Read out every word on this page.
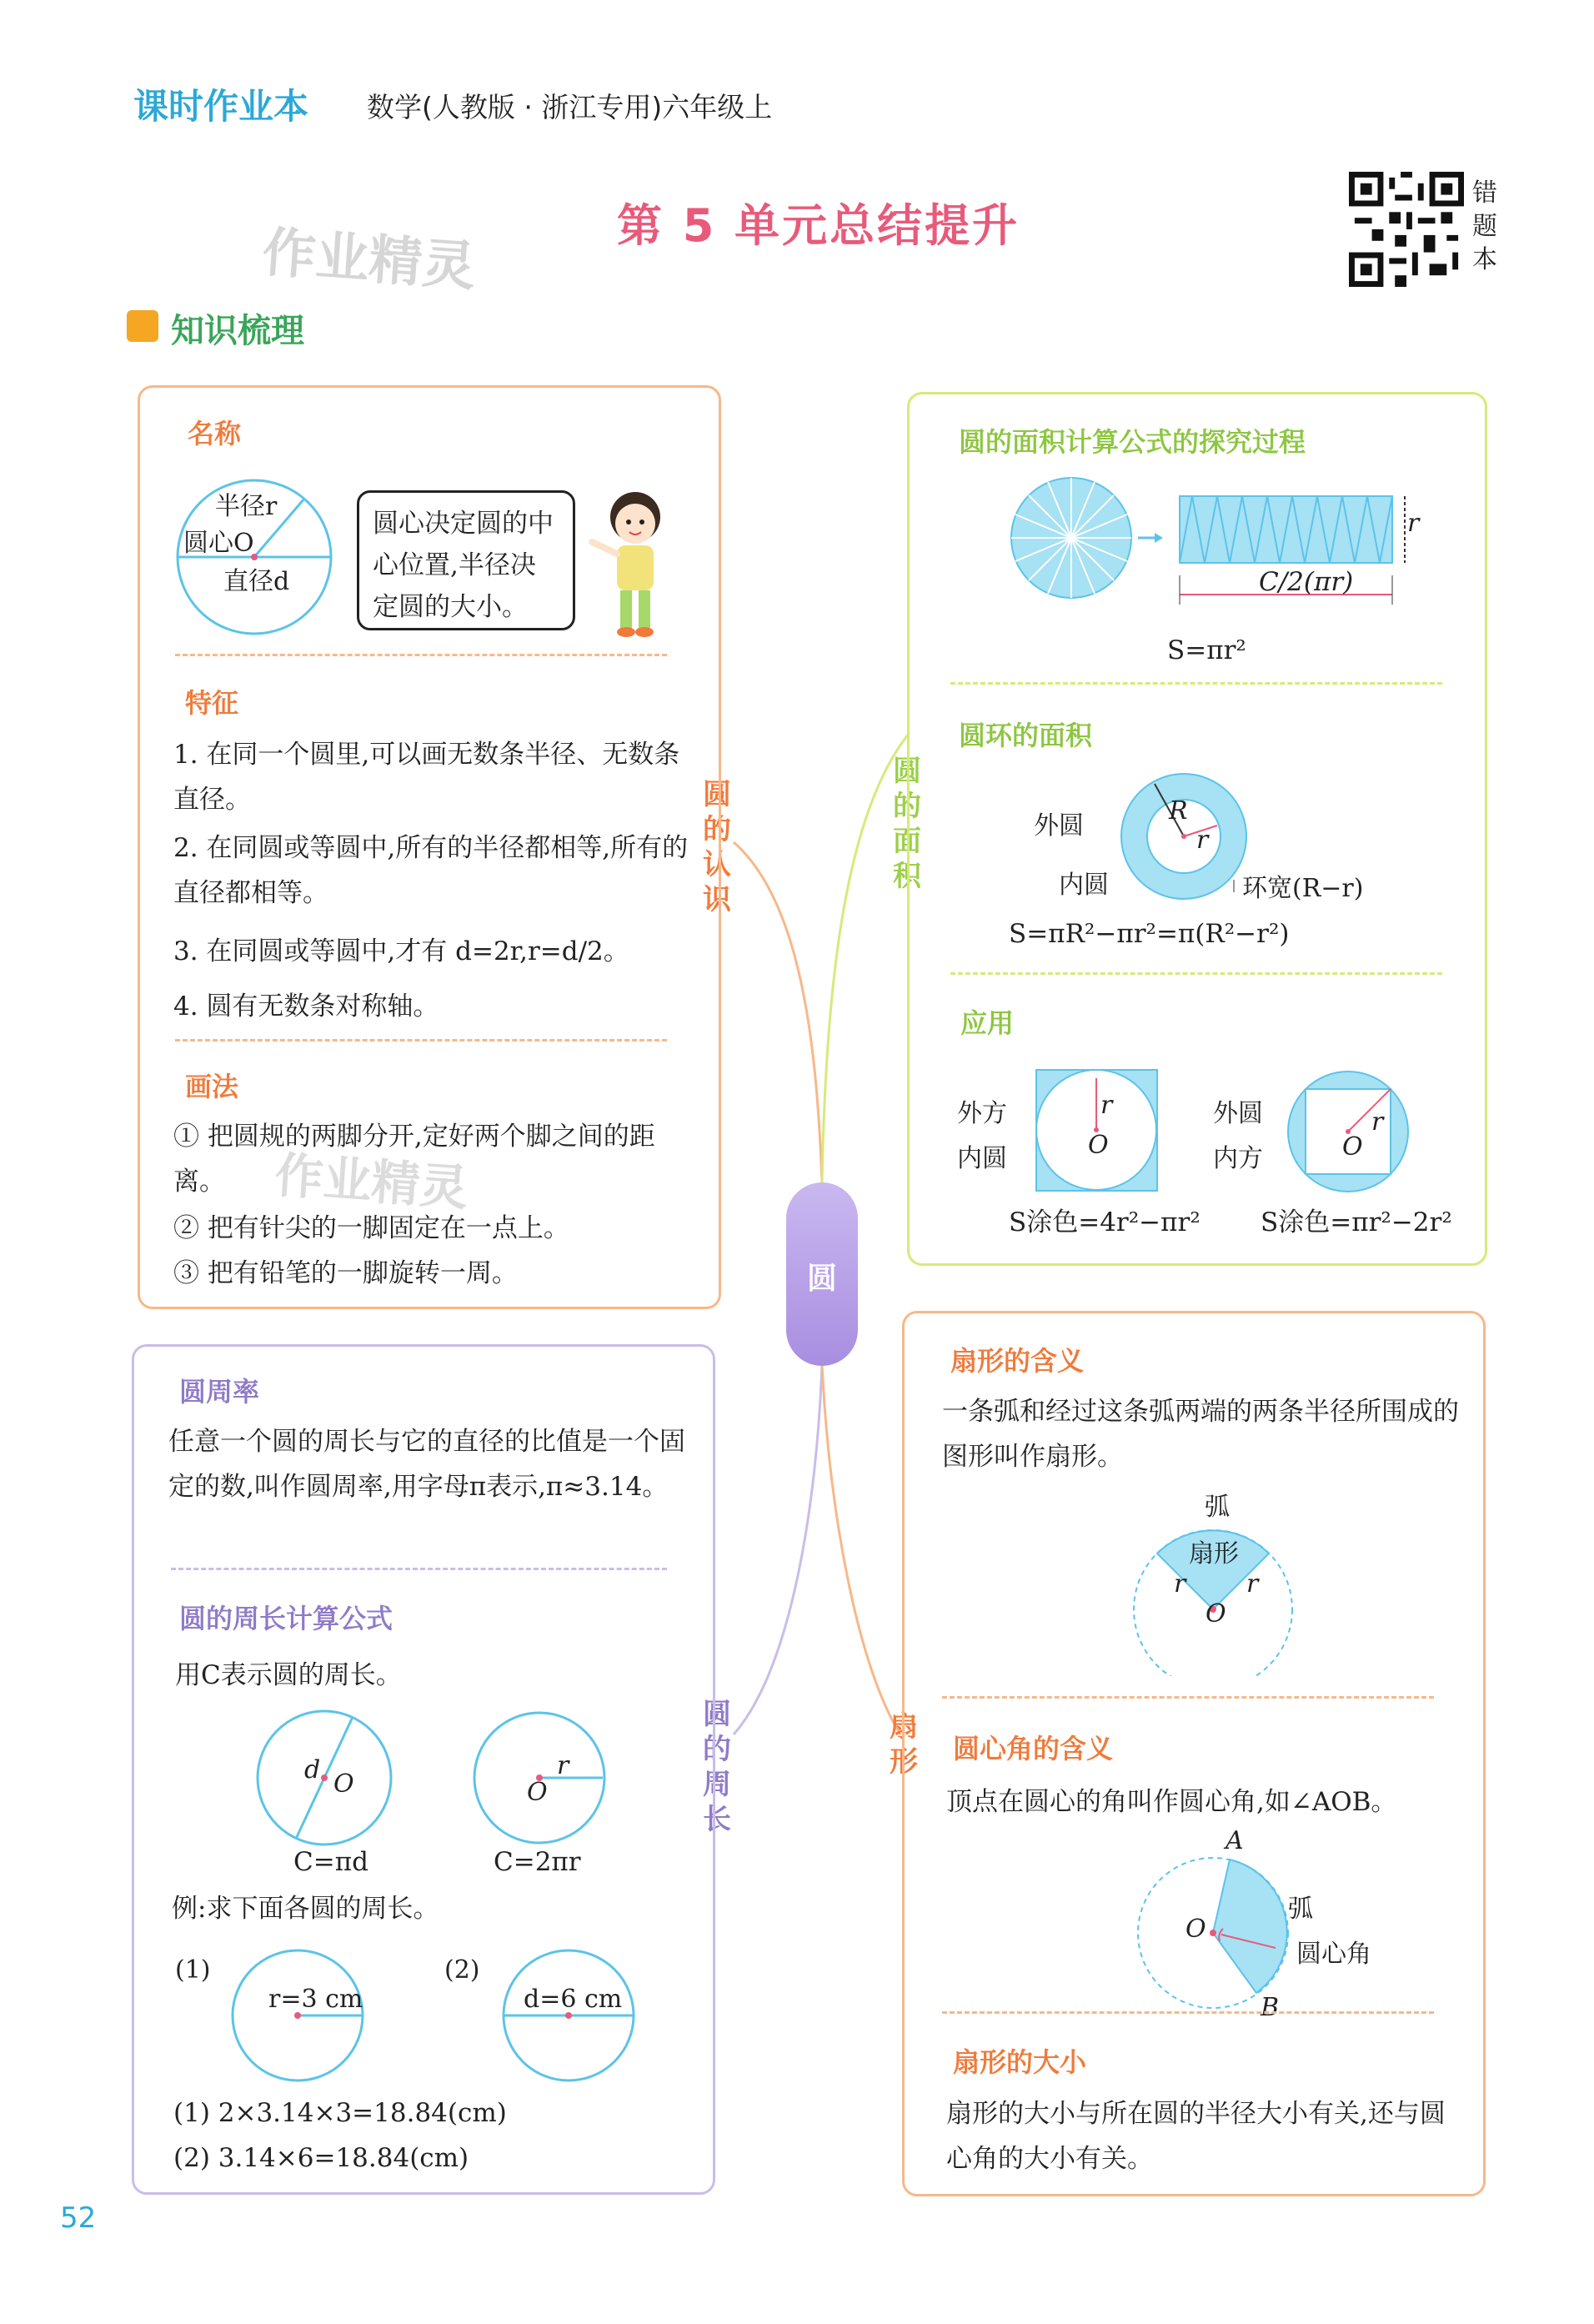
课时作业本 数学(人教版 · 浙江专用)六年级上
第 5 单元总结提升
作业精灵
错题本
知识梳理
圆
圆的认识
圆的面积
圆的周长
扇形
名称
半径r
圆心O
直径d
圆心决定圆的中心位置,半径决定圆的大小。
特征
1. 在同一个圆里,可以画无数条半径、无数条直径。
2. 在同圆或等圆中,所有的半径都相等,所有的直径都相等。
3. 在同圆或等圆中,才有 d=2r,r=d/2。
4. 圆有无数条对称轴。
画法
① 把圆规的两脚分开,定好两个脚之间的距离。
② 把有针尖的一脚固定在一点上。
③ 把有铅笔的一脚旋转一周。
作业精灵
圆的面积计算公式的探究过程
r
C/2(πr)
S=πr²
圆环的面积
外圆
内圆
R
r
环宽(R−r)
S=πR²−πr²=π(R²−r²)
应用
外方
内圆
r
O
S涂色=4r²−πr²
外圆
内方
r
O
S涂色=πr²−2r²
圆周率
任意一个圆的周长与它的直径的比值是一个固定的数,叫作圆周率,用字母π表示,π≈3.14。
圆的周长计算公式
用C表示圆的周长。
d O
C=πd
r
O
C=2πr
例:求下面各圆的周长。
(1)
r=3 cm
(2)
d=6 cm
(1) 2×3.14×3=18.84(cm)
(2) 3.14×6=18.84(cm)
扇形的含义
一条弧和经过这条弧两端的两条半径所围成的图形叫作扇形。
弧
扇形
r r
O
圆心角的含义
顶点在圆心的角叫作圆心角,如∠AOB。
A
B
O
弧
圆心角
扇形的大小
扇形的大小与所在圆的半径大小有关,还与圆心角的大小有关。
52
